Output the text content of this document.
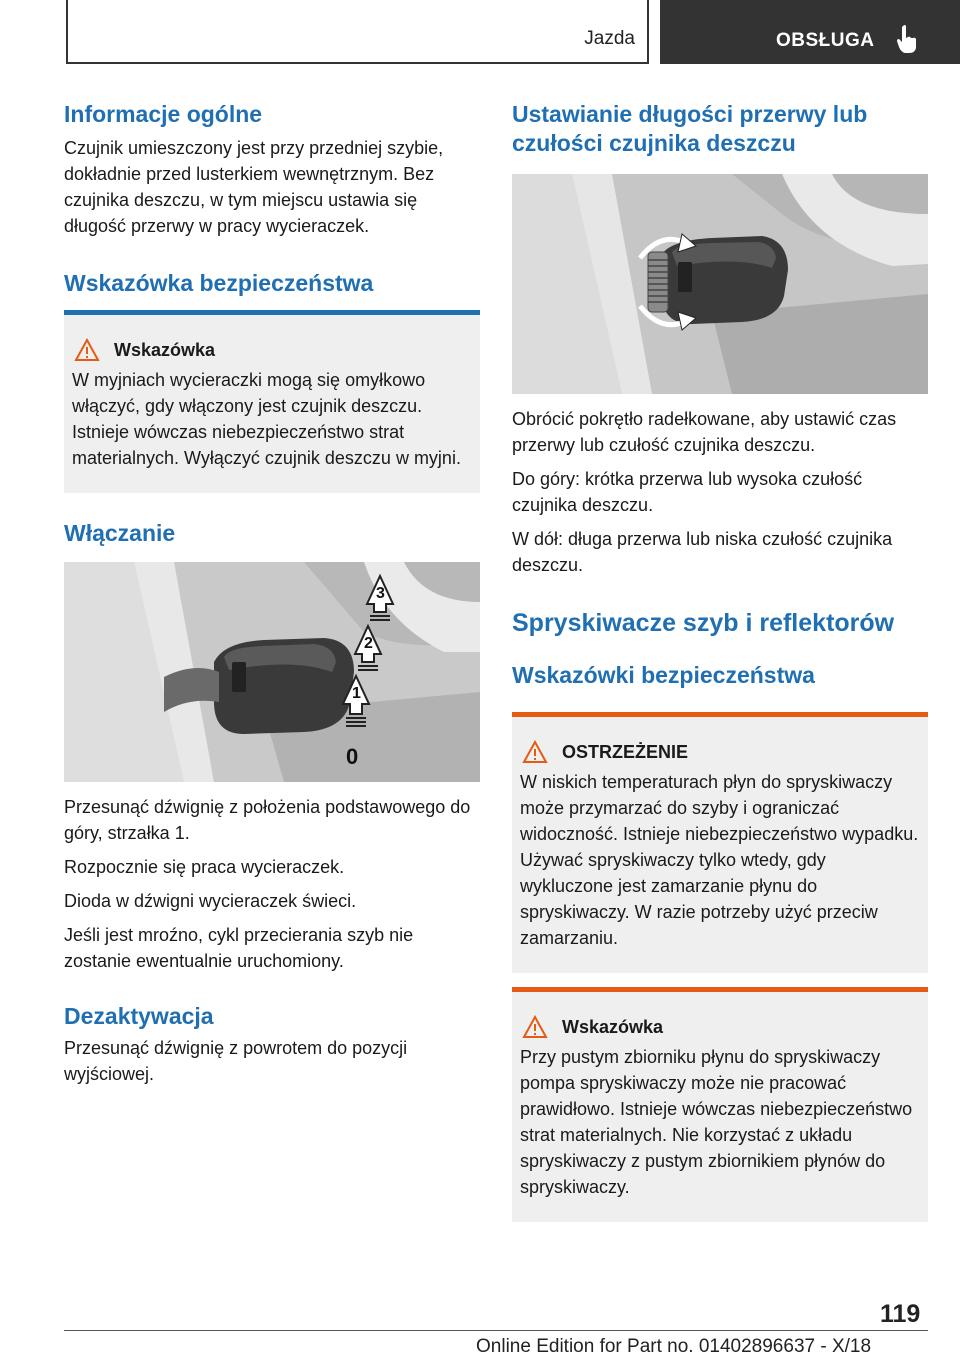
Jazda	OBSŁUGA
Informacje ogólne

Czujnik umieszczony jest przy przedniej szybie, dokładnie przed lusterkiem wewnętrznym. Bez czujnika deszczu, w tym miejscu ustawia się długość przerwy w pracy wycieraczek.

Wskazówka bezpieczeństwa
Wskazówka

W myjniach wycieraczki mogą się omyłkowo włączyć, gdy włączony jest czujnik deszczu. Istnieje wówczas niebezpieczeństwo strat materialnych. Wyłączyć czujnik deszczu w myjni.

Włączanie
3
2
1
0

Przesunąć dźwignię z położenia podstawowego do góry, strzałka 1.

Rozpocznie się praca wycieraczek.

Dioda w dźwigni wycieraczek świeci.

Jeśli jest mroźno, cykl przecierania szyb nie zostanie ewentualnie uruchomiony.

Dezaktywacja

Przesunąć dźwignię z powrotem do pozycji wyjściowej.

Ustawianie długości przerwy lub czułości czujnika deszczu

Obrócić pokrętło radełkowane, aby ustawić czas przerwy lub czułość czujnika deszczu.

Do góry: krótka przerwa lub wysoka czułość czujnika deszczu.

W dół: długa przerwa lub niska czułość czujnika deszczu.

Spryskiwacze szyb i reflektorów
Wskazówki bezpieczeństwa
OSTRZEŻENIE

W niskich temperaturach płyn do spryskiwaczy może przymarzać do szyby i ograniczać widoczność. Istnieje niebezpieczeństwo wypadku. Używać spryskiwaczy tylko wtedy, gdy wykluczone jest zamarzanie płynu do spryskiwaczy. W razie potrzeby użyć przeciw zamarzaniu.

Wskazówka

Przy pustym zbiorniku płynu do spryskiwaczy pompa spryskiwaczy może nie pracować prawidłowo. Istnieje wówczas niebezpieczeństwo strat materialnych. Nie korzystać z układu spryskiwaczy z pustym zbiornikiem płynów do spryskiwaczy.

119
Online Edition for Part no. 01402896637 - X/18
